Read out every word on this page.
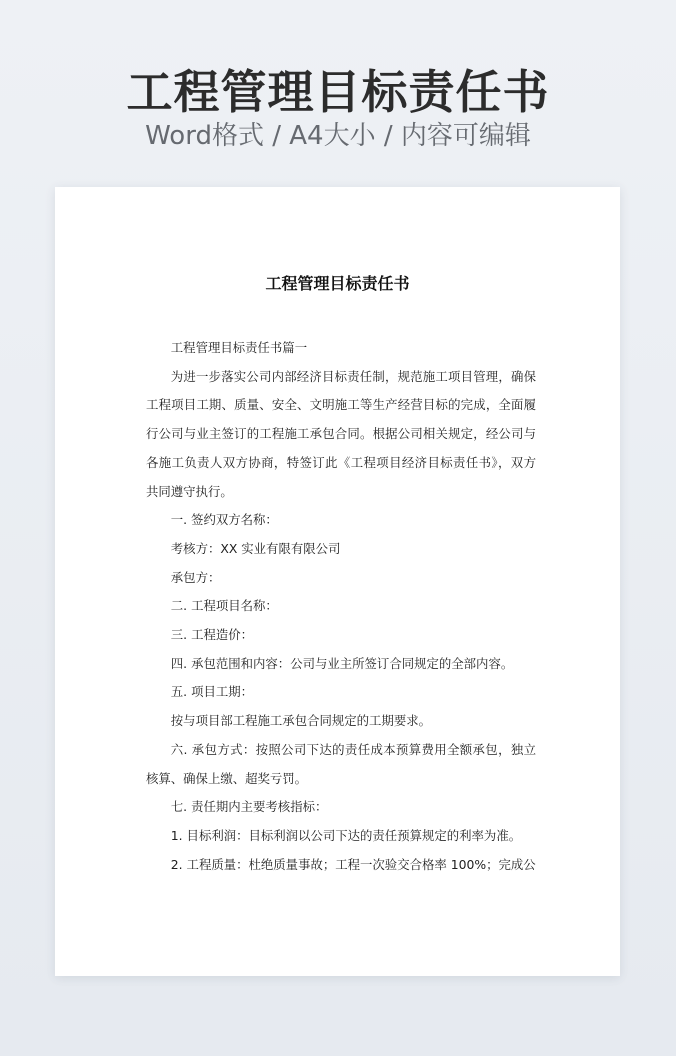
工程管理目标责任书
Word格式 / A4大小 / 内容可编辑
工程管理目标责任书

工程管理目标责任书篇一

为进一步落实公司内部经济目标责任制，规范施工项目管理，确保工程项目工期、质量、安全、文明施工等生产经营目标的完成，全面履行公司与业主签订的工程施工承包合同。根据公司相关规定，经公司与各施工负责人双方协商，特签订此《工程项目经济目标责任书》，双方共同遵守执行。

一. 签约双方名称：

考核方：XX 实业有限有限公司

承包方：

二. 工程项目名称：

三. 工程造价：

四. 承包范围和内容：公司与业主所签订合同规定的全部内容。

五. 项目工期：

按与项目部工程施工承包合同规定的工期要求。

六. 承包方式：按照公司下达的责任成本预算费用全额承包，独立核算、确保上缴、超奖亏罚。

七. 责任期内主要考核指标：

1. 目标利润：目标利润以公司下达的责任预算规定的利率为准。

2. 工程质量：杜绝质量事故；工程一次验交合格率 100%；完成公
